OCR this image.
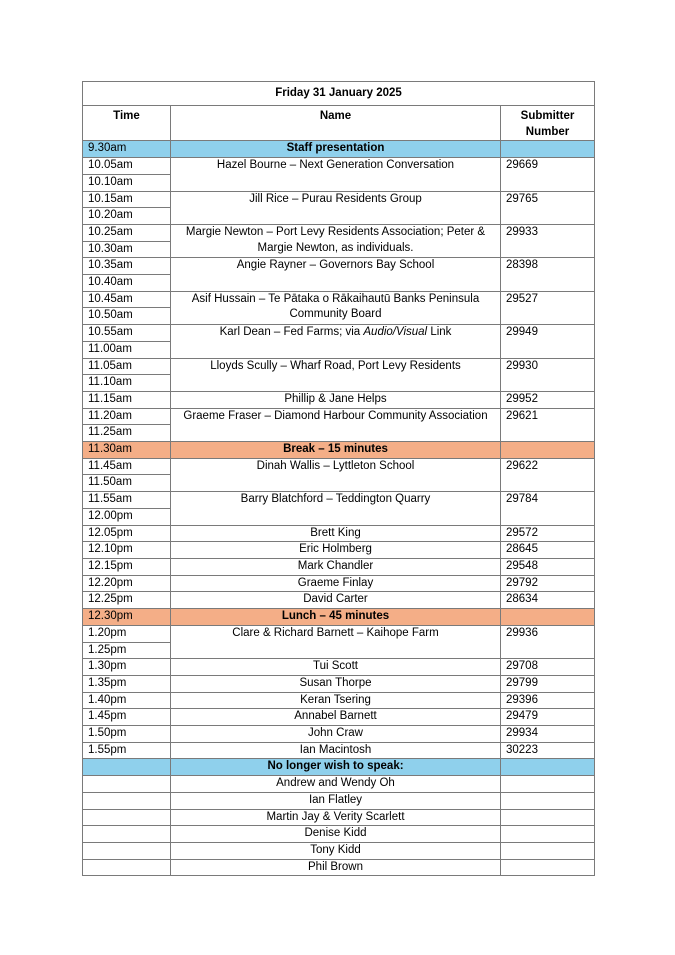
Friday 31 January 2025		
Time	Name	Submitter Number
9.30am	Staff presentation	
10.05am	Hazel Bourne – Next Generation Conversation	29669
10.10am		
10.15am	Jill Rice – Purau Residents Group	29765
10.20am		
10.25am	Margie Newton – Port Levy Residents Association; Peter & Margie Newton, as individuals.	29933
10.30am		
10.35am	Angie Rayner – Governors Bay School	28398
10.40am		
10.45am	Asif Hussain – Te Pātaka o Rākaihautū Banks Peninsula Community Board	29527
10.50am		
10.55am	Karl Dean – Fed Farms; via Audio/Visual Link	29949
11.00am		
11.05am	Lloyds Scully – Wharf Road, Port Levy Residents	29930
11.10am		
11.15am	Phillip & Jane Helps	29952
11.20am	Graeme Fraser – Diamond Harbour Community Association	29621
11.25am		
11.30am	Break – 15 minutes	
11.45am	Dinah Wallis – Lyttleton School	29622
11.50am		
11.55am	Barry Blatchford – Teddington Quarry	29784
12.00pm		
12.05pm	Brett King	29572
12.10pm	Eric Holmberg	28645
12.15pm	Mark Chandler	29548
12.20pm	Graeme Finlay	29792
12.25pm	David Carter	28634
12.30pm	Lunch – 45 minutes	
1.20pm	Clare & Richard Barnett – Kaihope Farm	29936
1.25pm		
1.30pm	Tui Scott	29708
1.35pm	Susan Thorpe	29799
1.40pm	Keran Tsering	29396
1.45pm	Annabel Barnett	29479
1.50pm	John Craw	29934
1.55pm	Ian Macintosh	30223
	No longer wish to speak:	
	Andrew and Wendy Oh	
	Ian Flatley	
	Martin Jay & Verity Scarlett	
	Denise Kidd	
	Tony Kidd	
	Phil Brown	
